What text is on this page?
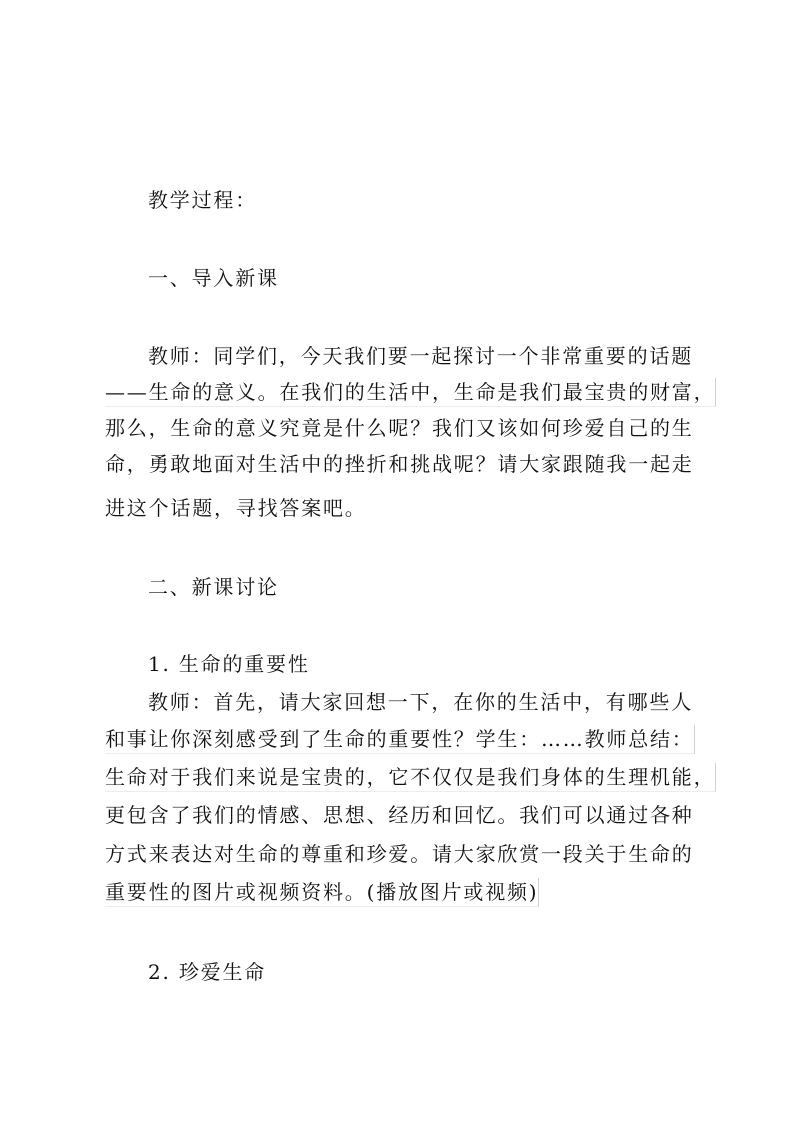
教学过程：
一、导入新课
教师：同学们，今天我们要一起探讨一个非常重要的话题
——生命的意义。在我们的生活中，生命是我们最宝贵的财富，
那么，生命的意义究竟是什么呢？我们又该如何珍爱自己的生
命，勇敢地面对生活中的挫折和挑战呢？请大家跟随我一起走
进这个话题，寻找答案吧。
二、新课讨论
1. 生命的重要性
教师：首先，请大家回想一下，在你的生活中，有哪些人
和事让你深刻感受到了生命的重要性？学生：……教师总结：
生命对于我们来说是宝贵的，它不仅仅是我们身体的生理机能，
更包含了我们的情感、思想、经历和回忆。我们可以通过各种
方式来表达对生命的尊重和珍爱。请大家欣赏一段关于生命的
重要性的图片或视频资料。(播放图片或视频)
2. 珍爱生命
